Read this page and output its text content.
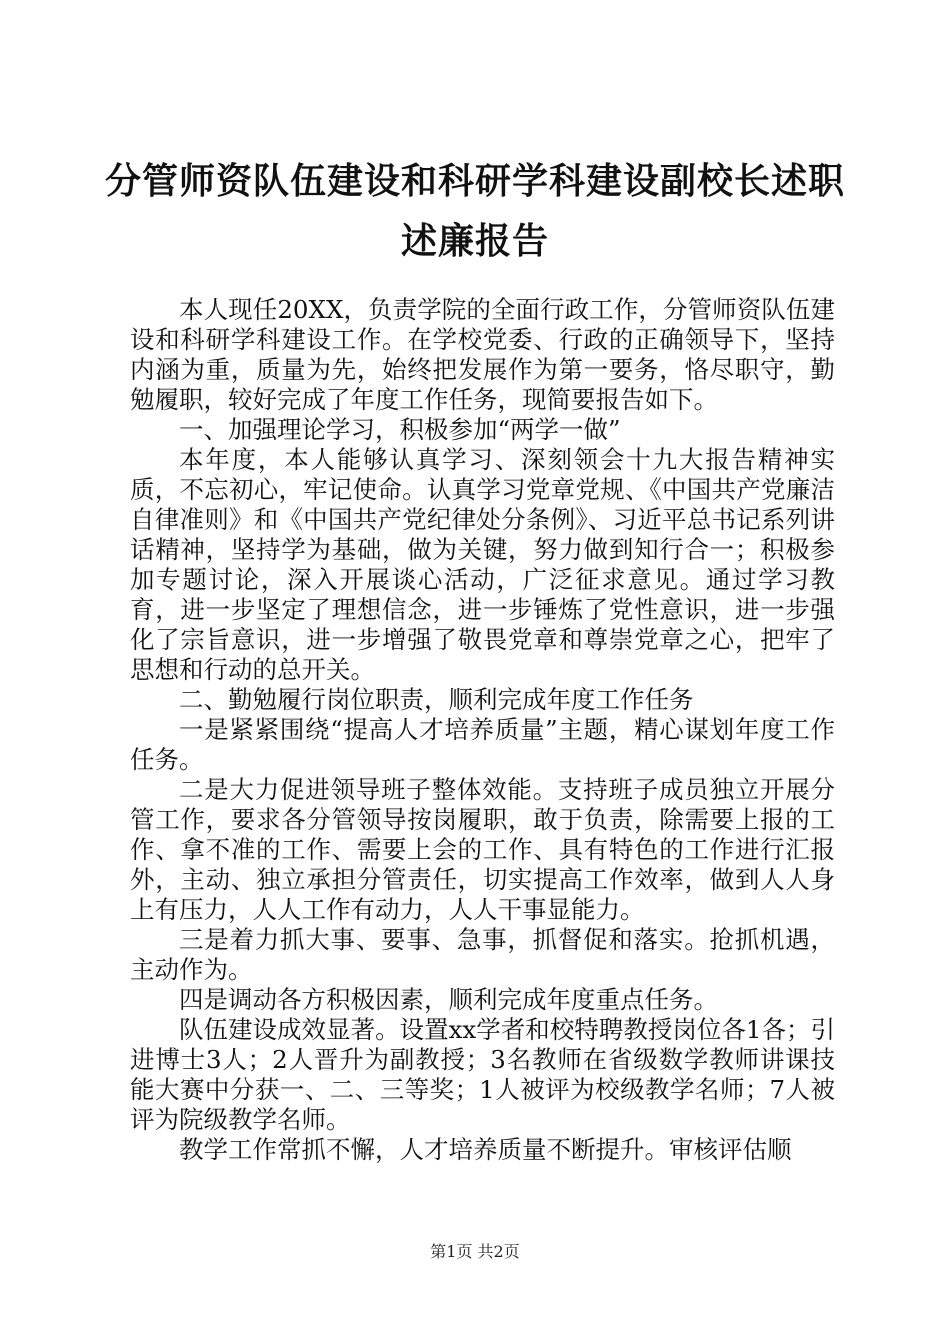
分管师资队伍建设和科研学科建设副校长述职
述廉报告

本人现任20XX，负责学院的全面行政工作，分管师资队伍建设和科研学科建设工作。在学校党委、行政的正确领导下，坚持内涵为重，质量为先，始终把发展作为第一要务，恪尽职守，勤勉履职，较好完成了年度工作任务，现简要报告如下。

一、加强理论学习，积极参加“两学一做”

本年度，本人能够认真学习、深刻领会十九大报告精神实质，不忘初心，牢记使命。认真学习党章党规、《中国共产党廉洁自律准则》和《中国共产党纪律处分条例》、习近平总书记系列讲话精神，坚持学为基础，做为关键，努力做到知行合一；积极参加专题讨论，深入开展谈心活动，广泛征求意见。通过学习教育，进一步坚定了理想信念，进一步锤炼了党性意识，进一步强化了宗旨意识，进一步增强了敬畏党章和尊崇党章之心，把牢了思想和行动的总开关。

二、勤勉履行岗位职责，顺利完成年度工作任务

一是紧紧围绕“提高人才培养质量”主题，精心谋划年度工作任务。

二是大力促进领导班子整体效能。支持班子成员独立开展分管工作，要求各分管领导按岗履职，敢于负责，除需要上报的工作、拿不准的工作、需要上会的工作、具有特色的工作进行汇报外，主动、独立承担分管责任，切实提高工作效率，做到人人身上有压力，人人工作有动力，人人干事显能力。

三是着力抓大事、要事、急事，抓督促和落实。抢抓机遇，主动作为。

四是调动各方积极因素，顺利完成年度重点任务。

队伍建设成效显著。设置xx学者和校特聘教授岗位各1各；引进博士3人；2人晋升为副教授；3名教师在省级数学教师讲课技能大赛中分获一、二、三等奖；1人被评为校级教学名师；7人被评为院级教学名师。

教学工作常抓不懈，人才培养质量不断提升。审核评估顺

第1页 共2页
